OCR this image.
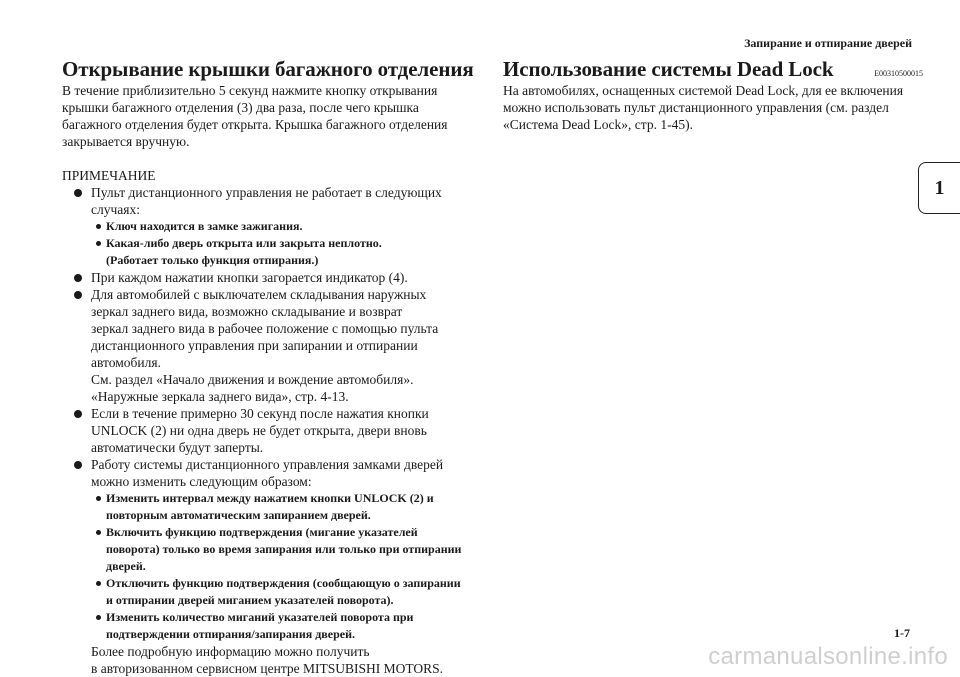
Запирание и отпирание дверей
1
Открывание крышки багажного отделения

В течение приблизительно 5 секунд нажмите кнопку открывания
крышки багажного отделения (3) два раза, после чего крышка
багажного отделения будет открыта. Крышка багажного отделения
закрывается вручную.

ПРИМЕЧАНИЕ
Пульт дистанционного управления не работает в следующих
случаях:
Ключ находится в замке зажигания.
Какая-либо дверь открыта или закрыта неплотно.
(Работает только функция отпирания.)
При каждом нажатии кнопки загорается индикатор (4).
Для автомобилей с выключателем складывания наружных
зеркал заднего вида, возможно складывание и возврат
зеркал заднего вида в рабочее положение с помощью пульта
дистанционного управления при запирании и отпирании
автомобиля.
См. раздел «Начало движения и вождение автомобиля».
«Наружные зеркала заднего вида», стр. 4-13.
Если в течение примерно 30 секунд после нажатия кнопки
UNLOCK (2) ни одна дверь не будет открыта, двери вновь
автоматически будут заперты.
Работу системы дистанционного управления замками дверей
можно изменить следующим образом:
Изменить интервал между нажатием кнопки UNLOCK (2) и
повторным автоматическим запиранием дверей.
Включить функцию подтверждения (мигание указателей
поворота) только во время запирания или только при отпирании
дверей.
Отключить функцию подтверждения (сообщающую о запирании
и отпирании дверей миганием указателей поворота).
Изменить количество миганий указателей поворота при
подтверждении отпирания/запирания дверей.
Более подробную информацию можно получить
в авторизованном сервисном центре MITSUBISHI MOTORS.
Использование системы Dead Lock	E00310500015

На автомобилях, оснащенных системой Dead Lock, для ее включения
можно использовать пульт дистанционного управления (см. раздел
«Система Dead Lock», стр. 1-45).

1-7
carmanualsonline.info
